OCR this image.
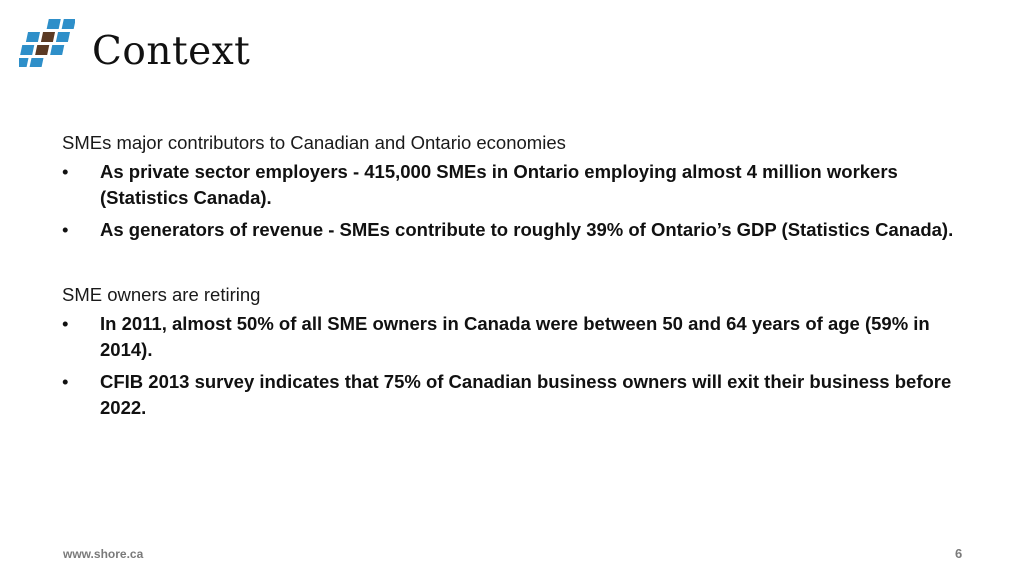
Context

SMEs major contributors to Canadian and Ontario economies

• As private sector employers - 415,000 SMEs in Ontario employing almost 4 million workers (Statistics Canada).
• As generators of revenue - SMEs contribute to roughly 39% of Ontario’s GDP (Statistics Canada).

SME owners are retiring

• In 2011, almost 50% of all SME owners in Canada were between 50 and 64 years of age (59% in 2014).
• CFIB 2013 survey indicates that 75% of Canadian business owners will exit their business before 2022.
www.shore.ca	6
